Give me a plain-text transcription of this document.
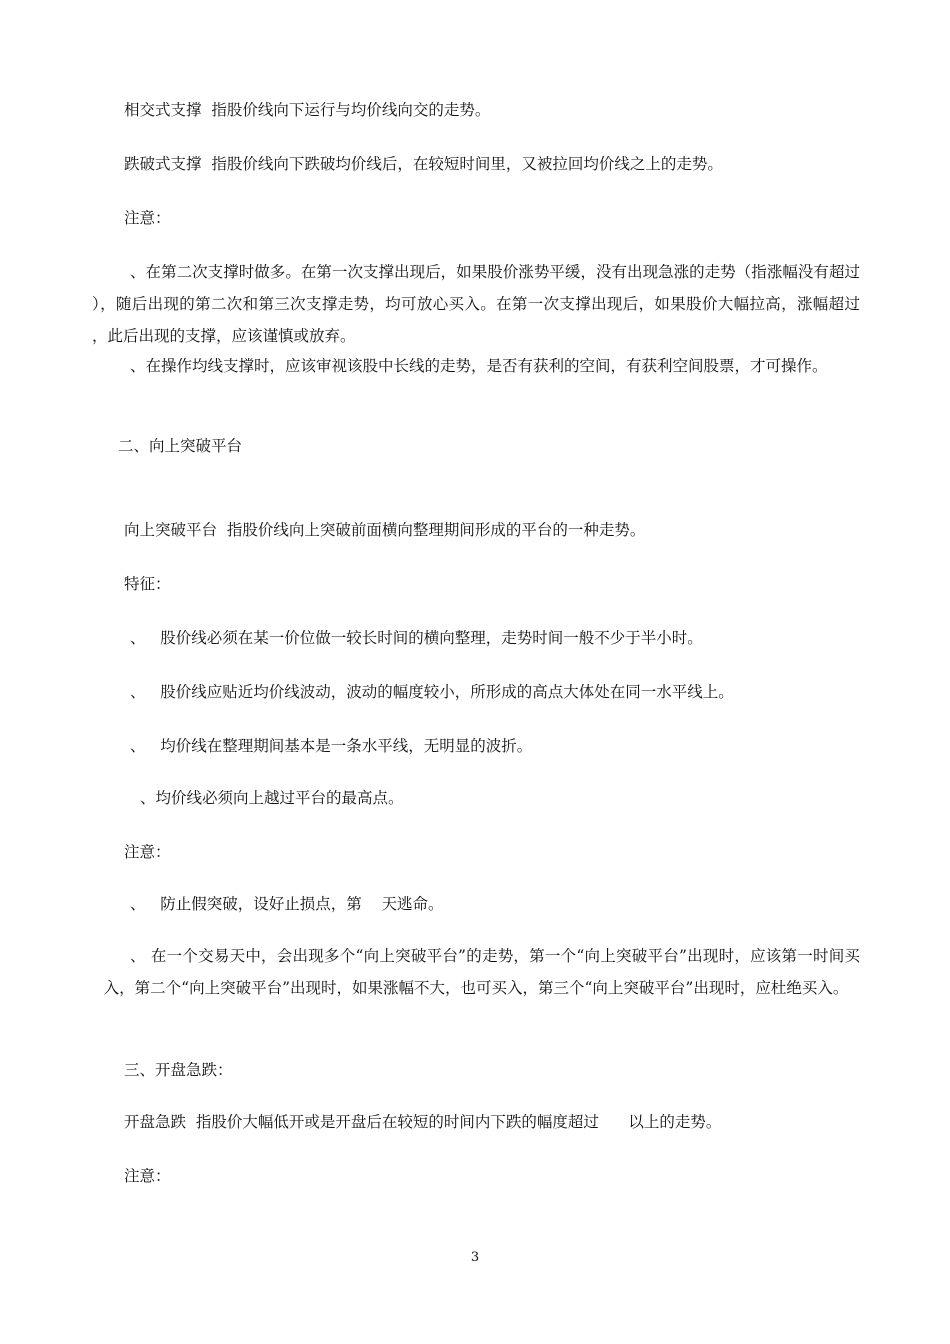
相交式支撑  指股价线向下运行与均价线向交的走势。
跌破式支撑  指股价线向下跌破均价线后，在较短时间里，又被拉回均价线之上的走势。
注意：
、在第二次支撑时做多。在第一次支撑出现后，如果股价涨势平缓，没有出现急涨的走势（指涨幅没有超过 ），随后出现的第二次和第三次支撑走势，均可放心买入。在第一次支撑出现后，如果股价大幅拉高，涨幅超过 ，此后出现的支撑，应该谨慎或放弃。
、在操作均线支撑时，应该审视该股中长线的走势，是否有获利的空间，有获利空间股票，才可操作。
二、向上突破平台
向上突破平台  指股价线向上突破前面横向整理期间形成的平台的一种走势。
特征：
、   股价线必须在某一价位做一较长时间的横向整理，走势时间一般不少于半小时。
、   股价线应贴近均价线波动，波动的幅度较小，所形成的高点大体处在同一水平线上。
、   均价线在整理期间基本是一条水平线，无明显的波折。
、均价线必须向上越过平台的最高点。
注意：
、   防止假突破，设好止损点，第    天逃命。
、 在一个交易天中，会出现多个“向上突破平台”的走势，第一个“向上突破平台”出现时，应该第一时间买入，第二个“向上突破平台”出现时，如果涨幅不大，也可买入，第三个“向上突破平台”出现时，应杜绝买入。
三、开盘急跌：
开盘急跌  指股价大幅低开或是开盘后在较短的时间内下跌的幅度超过      以上的走势。
注意：
3
